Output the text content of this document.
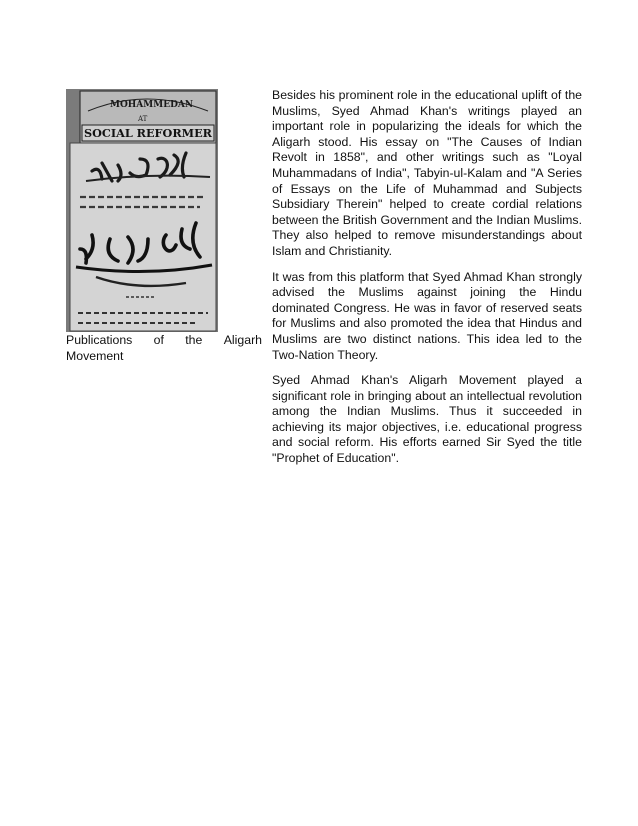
MOHAMMEDAN
AT
SOCIAL REFORMER
Publications of the Aligarh
Movement

Besides his prominent role in the educational uplift of the Muslims, Syed Ahmad Khan's writings played an important role in popularizing the ideals for which the Aligarh stood. His essay on "The Causes of Indian Revolt in 1858", and other writings such as "Loyal Muhammadans of India", Tabyin-ul-Kalam and "A Series of Essays on the Life of Muhammad and Subjects Subsidiary Therein" helped to create cordial relations between the British Government and the Indian Muslims. They also helped to remove misunderstandings about Islam and Christianity.

It was from this platform that Syed Ahmad Khan strongly advised the Muslims against joining the Hindu dominated Congress. He was in favor of reserved seats for Muslims and also promoted the idea that Hindus and Muslims are two distinct nations. This idea led to the Two-Nation Theory.

Syed Ahmad Khan's Aligarh Movement played a significant role in bringing about an intellectual revolution among the Indian Muslims. Thus it succeeded in achieving its major objectives, i.e. educational progress and social reform. His efforts earned Sir Syed the title "Prophet of Education".
